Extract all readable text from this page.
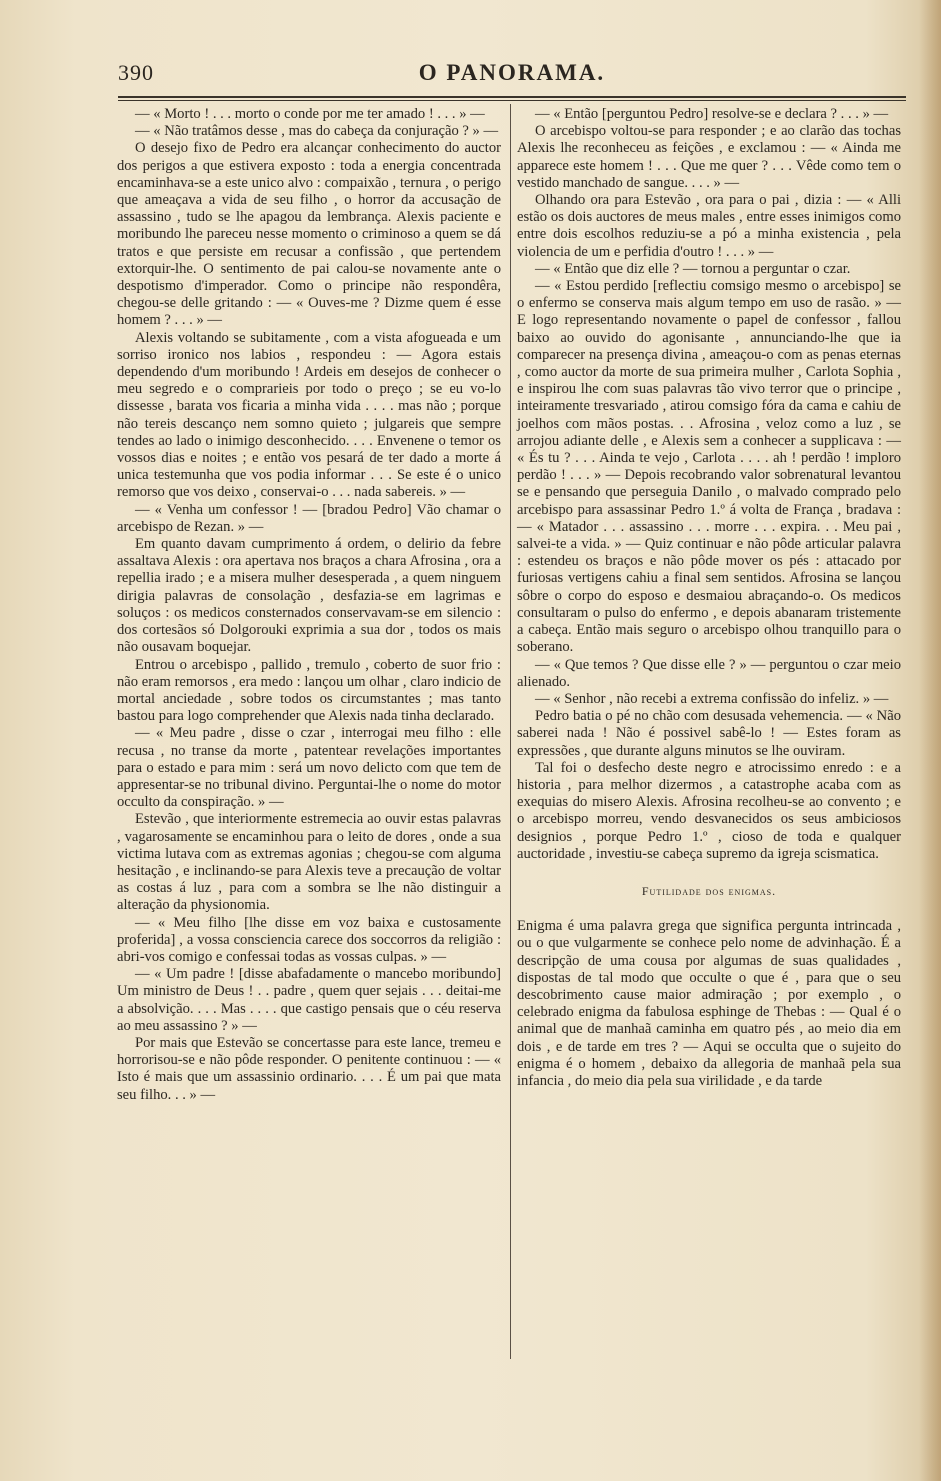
390	O PANORAMA.

— « Morto ! . . . morto o conde por me ter amado ! . . . » —

— « Não tratâmos desse , mas do cabeça da conjuração ? » —

O desejo fixo de Pedro era alcançar conhecimento do auctor dos perigos a que estivera exposto : toda a energia concentrada encaminhava-se a este unico alvo : compaixão , ternura , o perigo que ameaçava a vida de seu filho , o horror da accusação de assassino , tudo se lhe apagou da lembrança. Alexis paciente e moribundo lhe pareceu nesse momento o criminoso a quem se dá tratos e que persiste em recusar a confissão , que pertendem extorquir-lhe. O sentimento de pai calou-se novamente ante o despotismo d'imperador. Como o principe não respondêra, chegou-se delle gritando : — « Ouves-me ? Dizme quem é esse homem ? . . . » —

Alexis voltando se subitamente , com a vista afogueada e um sorriso ironico nos labios , respondeu : — Agora estais dependendo d'um moribundo ! Ardeis em desejos de conhecer o meu segredo e o comprarieis por todo o preço ; se eu vo-lo dissesse , barata vos ficaria a minha vida . . . . mas não ; porque não tereis descanço nem somno quieto ; julgareis que sempre tendes ao lado o inimigo desconhecido. . . . Envenene o temor os vossos dias e noites ; e então vos pesará de ter dado a morte á unica testemunha que vos podia informar . . . Se este é o unico remorso que vos deixo , conservai-o . . . nada sabereis. » —

— « Venha um confessor ! — [bradou Pedro] Vão chamar o arcebispo de Rezan. » —

Em quanto davam cumprimento á ordem, o delirio da febre assaltava Alexis : ora apertava nos braços a chara Afrosina , ora a repellia irado ; e a misera mulher desesperada , a quem ninguem dirigia palavras de consolação , desfazia-se em lagrimas e soluços : os medicos consternados conservavam-se em silencio : dos cortesãos só Dolgorouki exprimia a sua dor , todos os mais não ousavam boquejar.

Entrou o arcebispo , pallido , tremulo , coberto de suor frio : não eram remorsos , era medo : lançou um olhar , claro indicio de mortal anciedade , sobre todos os circumstantes ; mas tanto bastou para logo comprehender que Alexis nada tinha declarado.

— « Meu padre , disse o czar , interrogai meu filho : elle recusa , no transe da morte , patentear revelações importantes para o estado e para mim : será um novo delicto com que tem de appresentar-se no tribunal divino. Perguntai-lhe o nome do motor occulto da conspiração. » —

Estevão , que interiormente estremecia ao ouvir estas palavras , vagarosamente se encaminhou para o leito de dores , onde a sua victima lutava com as extremas agonias ; chegou-se com alguma hesitação , e inclinando-se para Alexis teve a precaução de voltar as costas á luz , para com a sombra se lhe não distinguir a alteração da physionomia.

— « Meu filho [lhe disse em voz baixa e custosamente proferida] , a vossa consciencia carece dos soccorros da religião : abri-vos comigo e confessai todas as vossas culpas. » —

— « Um padre ! [disse abafadamente o mancebo moribundo] Um ministro de Deus ! . . padre , quem quer sejais . . . deitai-me a absolvição. . . . Mas . . . . que castigo pensais que o céu reserva ao meu assassino ? » —

Por mais que Estevão se concertasse para este lance, tremeu e horrorisou-se e não pôde responder. O penitente continuou : — « Isto é mais que um assassinio ordinario. . . . É um pai que mata seu filho. . . » —

— « Então [perguntou Pedro] resolve-se e declara ? . . . » —

O arcebispo voltou-se para responder ; e ao clarão das tochas Alexis lhe reconheceu as feições , e exclamou : — « Ainda me apparece este homem ! . . . Que me quer ? . . . Vêde como tem o vestido manchado de sangue. . . . » —

Olhando ora para Estevão , ora para o pai , dizia : — « Alli estão os dois auctores de meus males , entre esses inimigos como entre dois escolhos reduziu-se a pó a minha existencia , pela violencia de um e perfidia d'outro ! . . . » —

— « Então que diz elle ? — tornou a perguntar o czar.

— « Estou perdido [reflectiu comsigo mesmo o arcebispo] se o enfermo se conserva mais algum tempo em uso de rasão. » — E logo representando novamente o papel de confessor , fallou baixo ao ouvido do agonisante , annunciando-lhe que ia comparecer na presença divina , ameaçou-o com as penas eternas , como auctor da morte de sua primeira mulher , Carlota Sophia , e inspirou lhe com suas palavras tão vivo terror que o principe , inteiramente tresvariado , atirou comsigo fóra da cama e cahiu de joelhos com mãos postas. . . Afrosina , veloz como a luz , se arrojou adiante delle , e Alexis sem a conhecer a supplicava : — « És tu ? . . . Ainda te vejo , Carlota . . . . ah ! perdão ! imploro perdão ! . . . » — Depois recobrando valor sobrenatural levantou se e pensando que perseguia Danilo , o malvado comprado pelo arcebispo para assassinar Pedro 1.º á volta de França , bradava : — « Matador . . . assassino . . . morre . . . expira. . . Meu pai , salvei-te a vida. » — Quiz continuar e não pôde articular palavra : estendeu os braços e não pôde mover os pés : attacado por furiosas vertigens cahiu a final sem sentidos. Afrosina se lançou sôbre o corpo do esposo e desmaiou abraçando-o. Os medicos consultaram o pulso do enfermo , e depois abanaram tristemente a cabeça. Então mais seguro o arcebispo olhou tranquillo para o soberano.

— « Que temos ? Que disse elle ? » — perguntou o czar meio alienado.

— « Senhor , não recebi a extrema confissão do infeliz. » —

Pedro batia o pé no chão com desusada vehemencia. — « Não saberei nada ! Não é possivel sabê-lo ! — Estes foram as expressões , que durante alguns minutos se lhe ouviram.

Tal foi o desfecho deste negro e atrocissimo enredo : e a historia , para melhor dizermos , a catastrophe acaba com as exequias do misero Alexis. Afrosina recolheu-se ao convento ; e o arcebispo morreu, vendo desvanecidos os seus ambiciosos designios , porque Pedro 1.º , cioso de toda e qualquer auctoridade , investiu-se cabeça supremo da igreja scismatica.

Futilidade dos enigmas.

Enigma é uma palavra grega que significa pergunta intrincada , ou o que vulgarmente se conhece pelo nome de advinhação. É a descripção de uma cousa por algumas de suas qualidades , dispostas de tal modo que occulte o que é , para que o seu descobrimento cause maior admiração ; por exemplo , o celebrado enigma da fabulosa esphinge de Thebas : — Qual é o animal que de manhaã caminha em quatro pés , ao meio dia em dois , e de tarde em tres ? — Aqui se occulta que o sujeito do enigma é o homem , debaixo da allegoria de manhaã pela sua infancia , do meio dia pela sua virilidade , e da tarde
